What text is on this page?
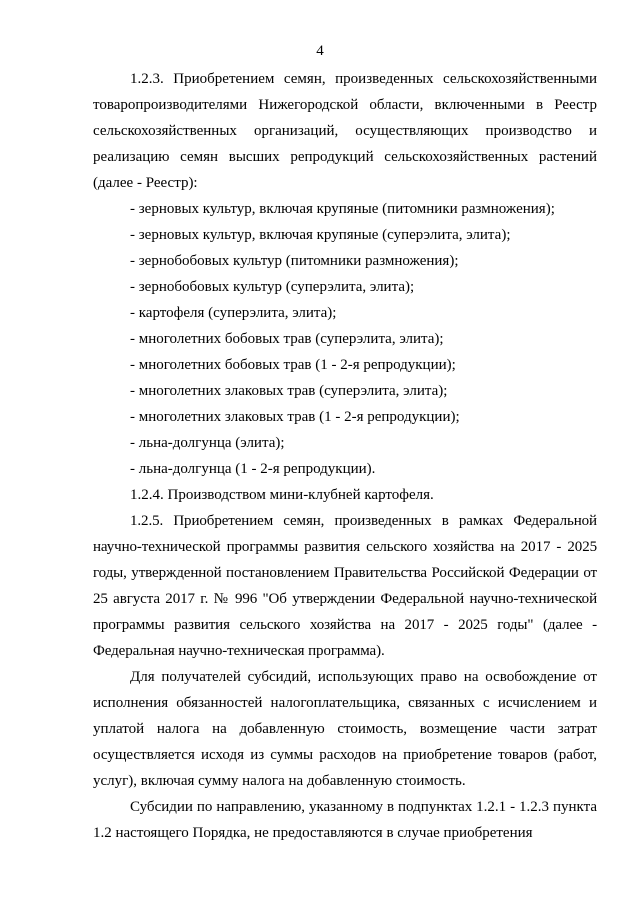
4

1.2.3. Приобретением семян, произведенных сельскохозяйственными товаропроизводителями Нижегородской области, включенными в Реестр сельскохозяйственных организаций, осуществляющих производство и реализацию семян высших репродукций сельскохозяйственных растений (далее - Реестр):

- зерновых культур, включая крупяные (питомники размножения);

- зерновых культур, включая крупяные (суперэлита, элита);

- зернобобовых культур (питомники размножения);

- зернобобовых культур (суперэлита, элита);

- картофеля (суперэлита, элита);

- многолетних бобовых трав (суперэлита, элита);

- многолетних бобовых трав (1 - 2-я репродукции);

- многолетних злаковых трав (суперэлита, элита);

- многолетних злаковых трав (1 - 2-я репродукции);

- льна-долгунца (элита);

- льна-долгунца (1 - 2-я репродукции).

1.2.4. Производством мини-клубней картофеля.

1.2.5. Приобретением семян, произведенных в рамках Федеральной научно-технической программы развития сельского хозяйства на 2017 - 2025 годы, утвержденной постановлением Правительства Российской Федерации от 25 августа 2017 г. № 996 "Об утверждении Федеральной научно-технической программы развития сельского хозяйства на 2017 - 2025 годы" (далее - Федеральная научно-техническая программа).

Для получателей субсидий, использующих право на освобождение от исполнения обязанностей налогоплательщика, связанных с исчислением и уплатой налога на добавленную стоимость, возмещение части затрат осуществляется исходя из суммы расходов на приобретение товаров (работ, услуг), включая сумму налога на добавленную стоимость.

Субсидии по направлению, указанному в подпунктах 1.2.1 - 1.2.3 пункта 1.2 настоящего Порядка, не предоставляются в случае приобретения
